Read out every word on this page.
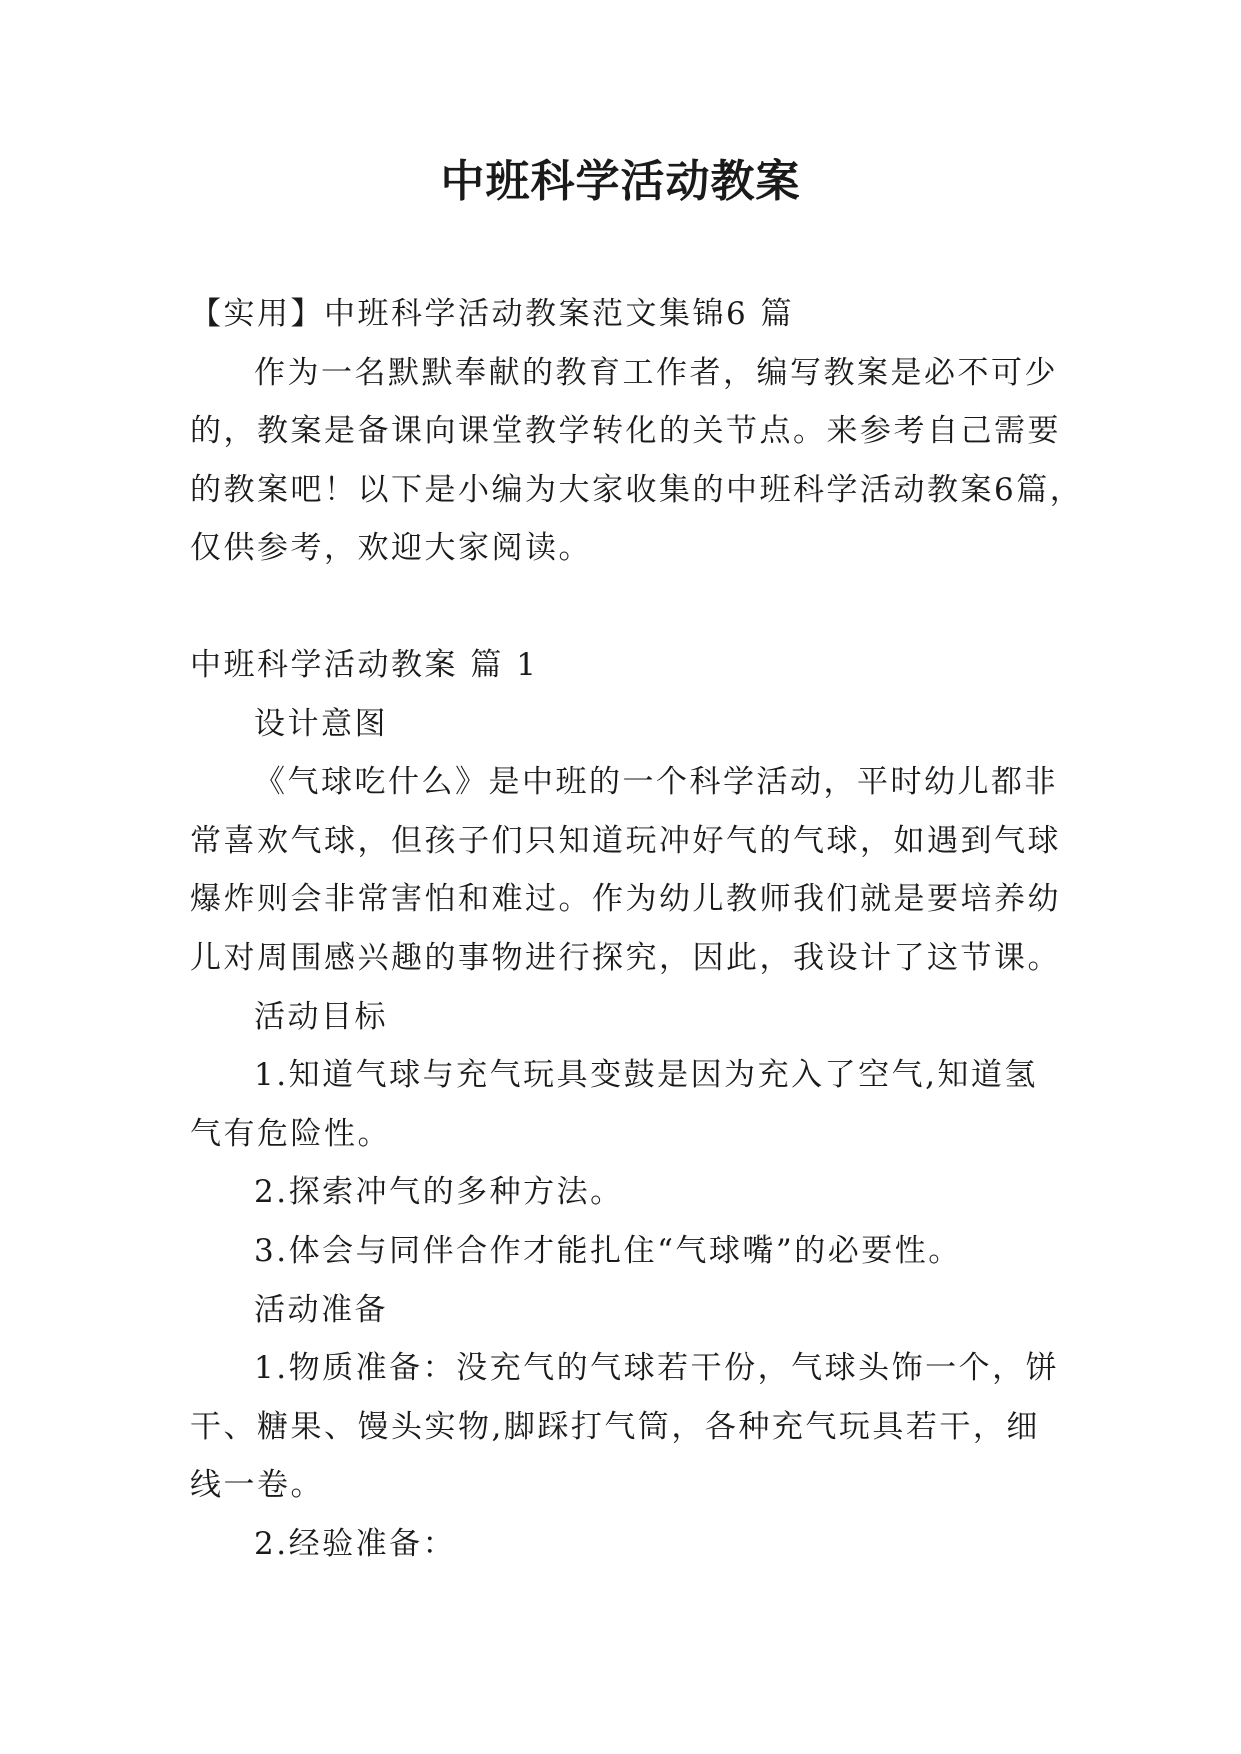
中班科学活动教案

【实用】中班科学活动教案范文集锦6 篇

作为一名默默奉献的教育工作者，编写教案是必不可少

的，教案是备课向课堂教学转化的关节点。来参考自己需要

的教案吧！以下是小编为大家收集的中班科学活动教案6篇，

仅供参考，欢迎大家阅读。

中班科学活动教案 篇 1

设计意图

《气球吃什么》是中班的一个科学活动，平时幼儿都非

常喜欢气球，但孩子们只知道玩冲好气的气球，如遇到气球

爆炸则会非常害怕和难过。作为幼儿教师我们就是要培养幼

儿对周围感兴趣的事物进行探究，因此，我设计了这节课。

活动目标

1.知道气球与充气玩具变鼓是因为充入了空气,知道氢

气有危险性。

2.探索冲气的多种方法。

3.体会与同伴合作才能扎住“气球嘴”的必要性。

活动准备

1.物质准备：没充气的气球若干份，气球头饰一个，饼

干、糖果、馒头实物,脚踩打气筒，各种充气玩具若干，细

线一卷。

2.经验准备：
